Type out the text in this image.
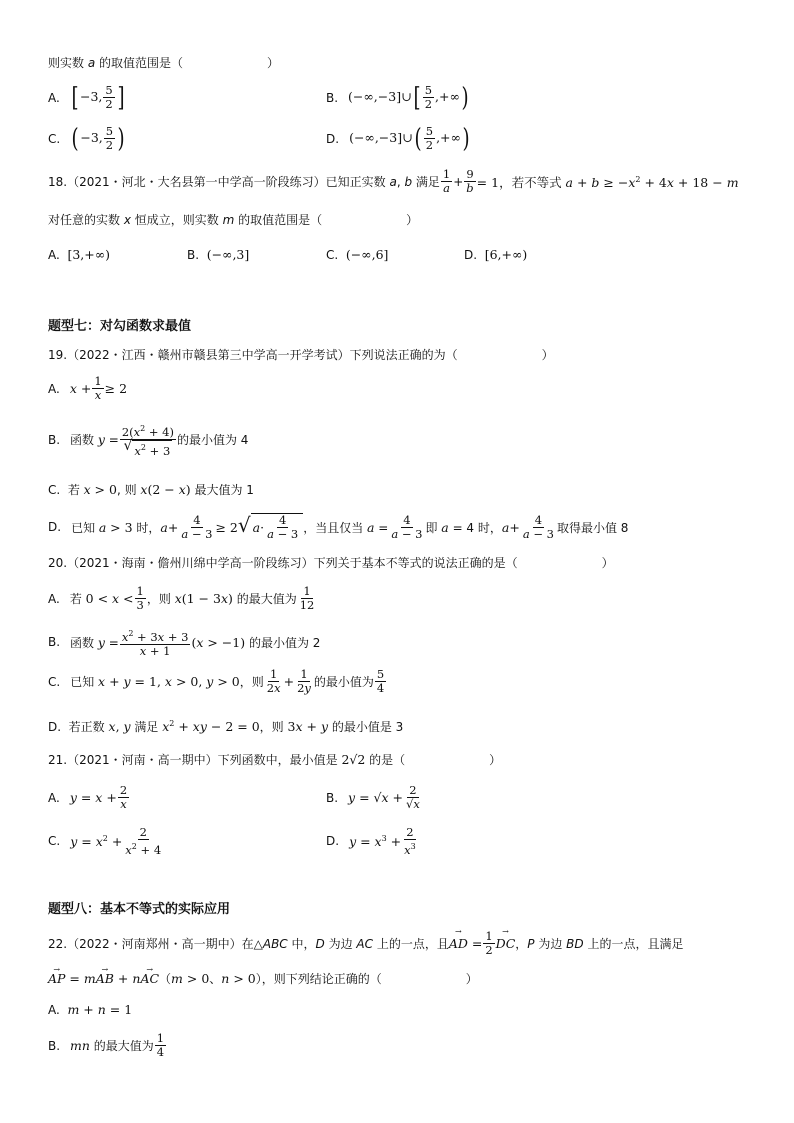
则实数 a 的取值范围是（　　　　　　　）
A. [ −3, $\frac{5}{2}$ ]	B. (−∞,−3]∪[ $\frac{5}{2}$ ,+∞)
C. ( −3, $\frac{5}{2}$ )	D. (−∞,−3]∪( $\frac{5}{2}$ ,+∞)
18.（2021・河北・大名县第一中学高一阶段练习）已知正实数 a, b 满足 $\frac{1}{a} + \frac{9}{b} = 1$，若不等式 $a + b \ge -x^2 + 4x + 18 - m$
对任意的实数 x 恒成立，则实数 m 的取值范围是（　　　　　　　）
A.  [3,+∞)	B.  (−∞,3]	C.  (−∞,6]	D.  [6,+∞)
题型七：对勾函数求最值
19.（2022・江西・赣州市赣县第三中学高一开学考试）下列说法正确的为（　　　　　　　）
A. $x + \frac{1}{x} \ge 2$
B. 函数 $y = \frac{2(x^2 + 4)}{√ x^2 + 3}$ 的最小值为 4
C.  若 x > 0, 则 x(2 − x) 最大值为 1
D. 已知 a > 3 时， $a + \frac{4}{a - 3} \ge 2$ √ $a \cdot \frac{4}{a - 3}$ ，当且仅当 $a = \frac{4}{a - 3}$ 即 a = 4 时， $a + \frac{4}{a - 3}$ 取得最小值 8
20.（2021・海南・儋州川绵中学高一阶段练习）下列关于基本不等式的说法正确的是（　　　　　　　）
A. 若 $0 < x < \frac{1}{3}$ ，则 x(1 − 3x) 的最大值为 $\frac{1}{12}$
B. 函数 $y = \frac{x^2 + 3x + 3}{x + 1} (x > -1)$ 的最小值为 2
C. 已知 x + y = 1, x > 0, y > 0，则 $\frac{1}{2x} + \frac{1}{2y}$ 的最小值为 $\frac{5}{4}$
D.  若正数 x, y 满足 $x^2$ + xy − 2 = 0，则 3x + y 的最小值是 3
21.（2021・河南・高一期中）下列函数中，最小值是 2√2 的是（　　　　　　　）
A. $y = x + \frac{2}{x}$	B. $y = √x + \frac{2}{√x}$
C. $y = x^2 + \frac{2}{x^2 + 4}$	D. $y = x^3 + \frac{2}{x^3}$
题型八：基本不等式的实际应用
22.（2022・河南郑州・高一期中）在△ABC 中，D 为边 AC 上的一点，且 → AD = $\frac{1}{2}$ → DC ，P 为边 BD 上的一点，且满足
→ AP = m→ AB + n→ AC（m > 0、n > 0），则下列结论正确的（　　　　　　　）
A.  m + n = 1
B. mn 的最大值为 $\frac{1}{4}$
